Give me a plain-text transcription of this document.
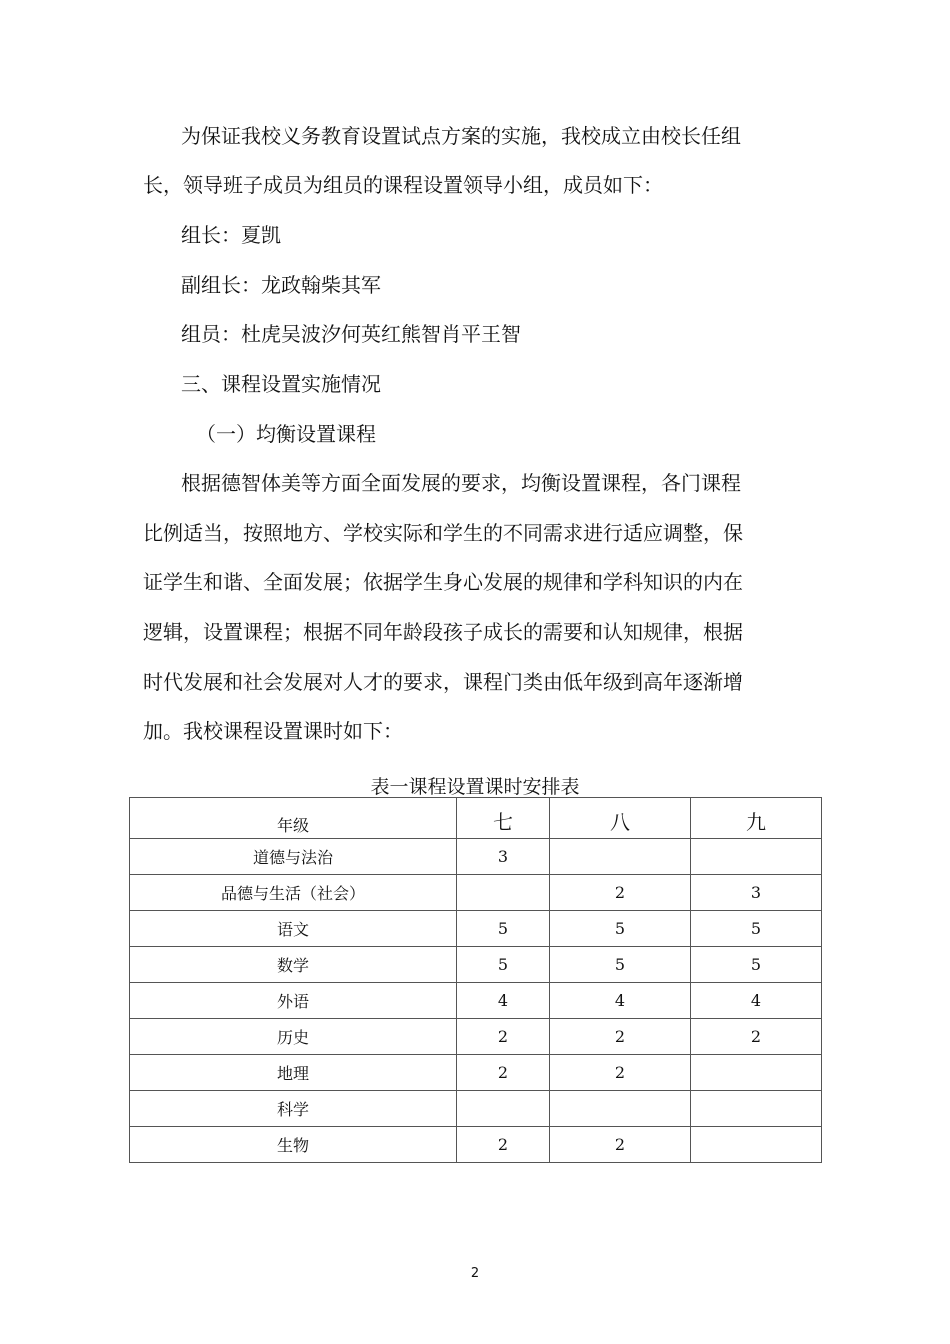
为保证我校义务教育设置试点方案的实施，我校成立由校长任组
长，领导班子成员为组员的课程设置领导小组，成员如下：
组长：夏凯
副组长：龙政翰柴其军
组员：杜虎吴波汐何英红熊智肖平王智
三、课程设置实施情况
（一）均衡设置课程
根据德智体美等方面全面发展的要求，均衡设置课程，各门课程
比例适当，按照地方、学校实际和学生的不同需求进行适应调整，保
证学生和谐、全面发展；依据学生身心发展的规律和学科知识的内在
逻辑，设置课程；根据不同年龄段孩子成长的需要和认知规律，根据
时代发展和社会发展对人才的要求，课程门类由低年级到高年逐渐增
加。我校课程设置课时如下：
表一课程设置课时安排表
年级	七	八	九
道德与法治	3		
品德与生活（社会）		2	3
语文	5	5	5
数学	5	5	5
外语	4	4	4
历史	2	2	2
地理	2	2	
科学			
生物	2	2	
2
